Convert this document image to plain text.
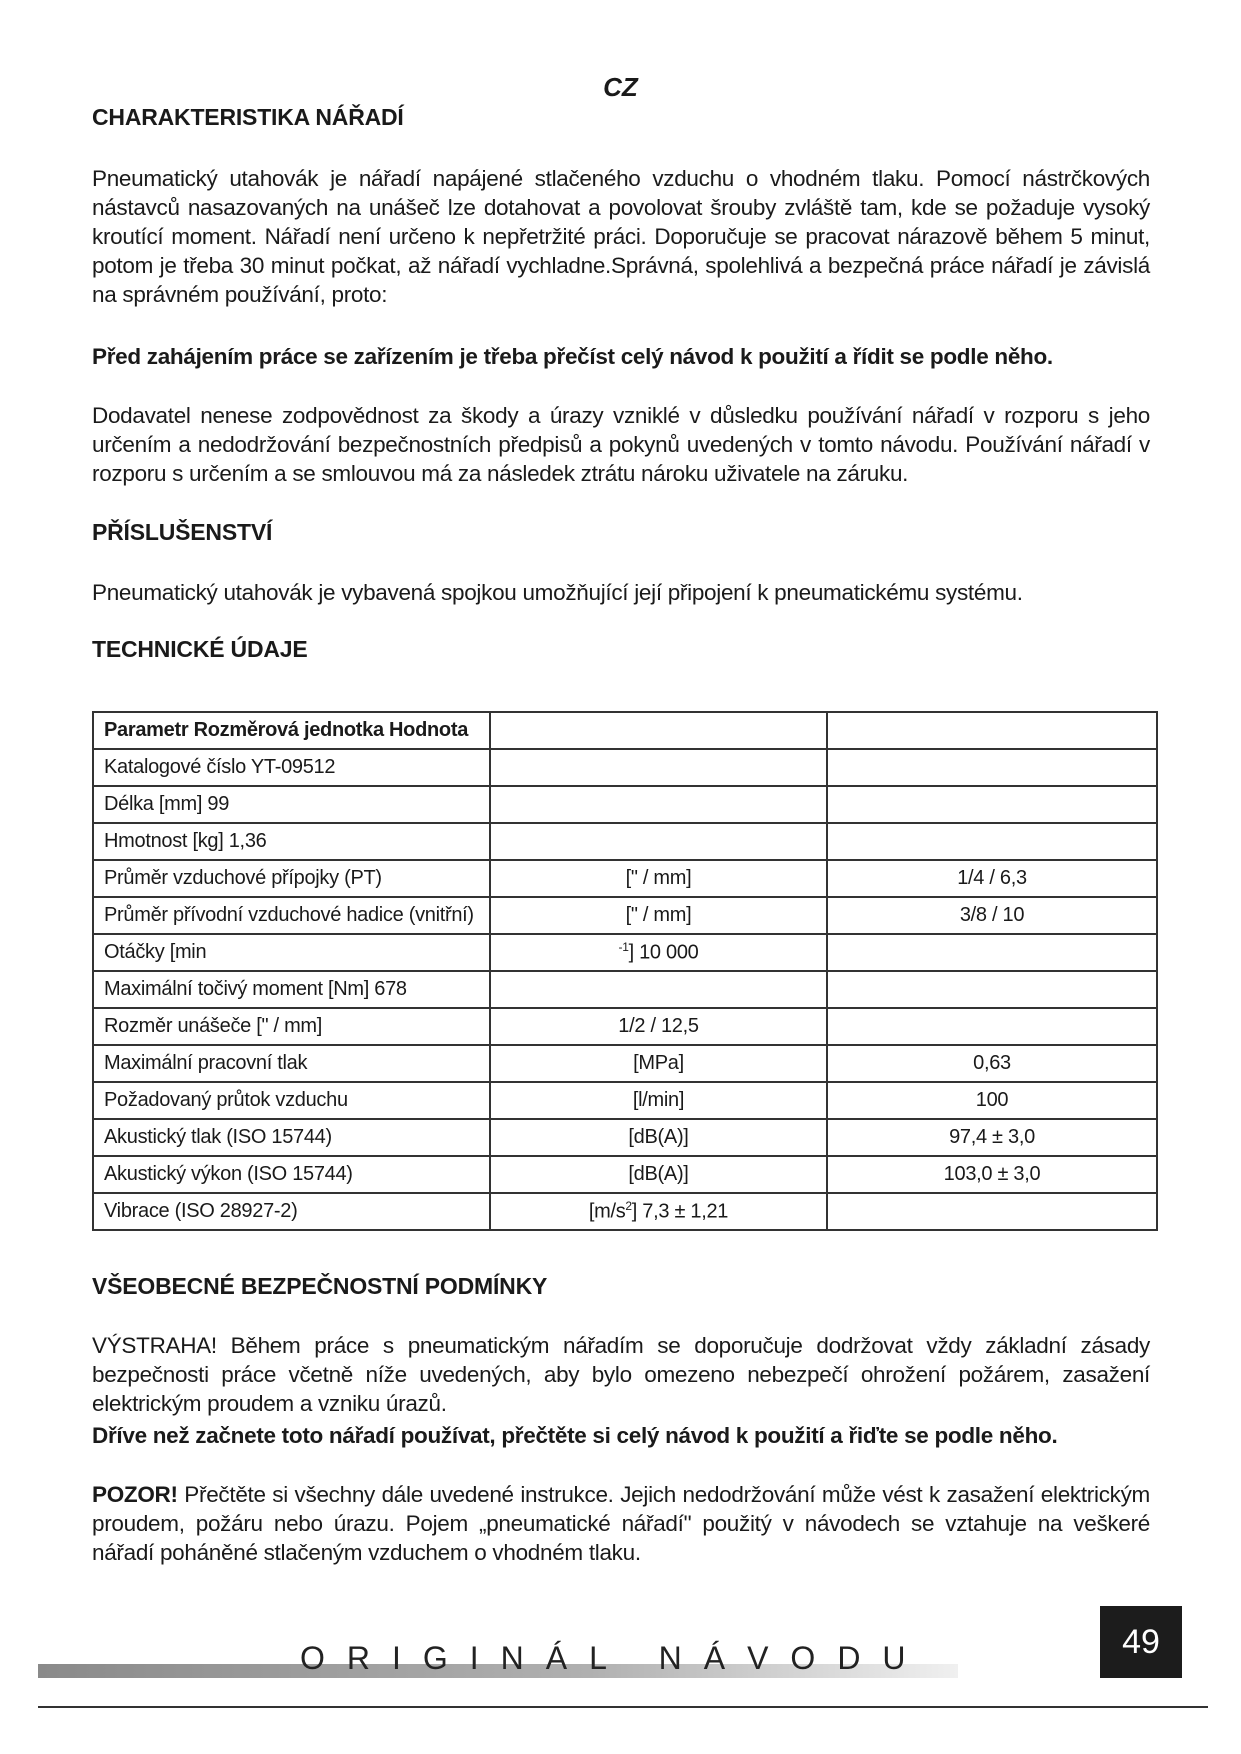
CZ
CHARAKTERISTIKA NÁŘADÍ
Pneumatický utahovák je nářadí napájené stlačeného vzduchu o vhodném tlaku. Pomocí nástrčkových nástavců nasazovaných na unášeč lze dotahovat a povolovat šrouby zvláště tam, kde se požaduje vysoký kroutící moment. Nářadí není určeno k nepřetržité práci. Doporučuje se pracovat nárazově během 5 minut, potom je třeba 30 minut počkat, až nářadí vychladne.Správná, spolehlivá a bezpečná práce nářadí je závislá na správném používání, proto:
Před zahájením práce se zařízením je třeba přečíst celý návod k použití a řídit se podle něho.
Dodavatel nenese zodpovědnost za škody a úrazy vzniklé v důsledku používání nářadí v rozporu s jeho určením a nedodržování bezpečnostních předpisů a pokynů uvedených v tomto návodu. Používání nářadí v rozporu s určením a se smlouvou má za následek ztrátu nároku uživatele na záruku.
PŘÍSLUŠENSTVÍ
Pneumatický utahovák je vybavená spojkou umožňující její připojení k pneumatickému systému.
TECHNICKÉ ÚDAJE
Parametr Rozměrová jednotka Hodnota		
Katalogové číslo YT-09512		
Délka [mm] 99		
Hmotnost [kg] 1,36		
Průměr vzduchové přípojky (PT)	[" / mm]	1/4 / 6,3
Průměr přívodní vzduchové hadice (vnitřní)	[" / mm]	3/8 / 10
Otáčky [min	$^{-1}$] 10 000	
Maximální točivý moment [Nm] 678		
Rozměr unášeče [" / mm]	1/2 / 12,5	
Maximální pracovní tlak	[MPa]	0,63
Požadovaný průtok vzduchu	[l/min]	100
Akustický tlak (ISO 15744)	[dB(A)]	97,4 ± 3,0
Akustický výkon (ISO 15744)	[dB(A)]	103,0 ± 3,0
Vibrace (ISO 28927-2)	$[m/s^2] 7,3 \pm 1,21$	
VŠEOBECNÉ BEZPEČNOSTNÍ PODMÍNKY
VÝSTRAHA! Během práce s pneumatickým nářadím se doporučuje dodržovat vždy základní zásady bezpečnosti práce včetně níže uvedených, aby bylo omezeno nebezpečí ohrožení požárem, zasažení elektrickým proudem a vzniku úrazů.
Dříve než začnete toto nářadí používat, přečtěte si celý návod k použití a řiďte se podle něho.
POZOR! Přečtěte si všechny dále uvedené instrukce. Jejich nedodržování může vést k zasažení elektrickým proudem, požáru nebo úrazu. Pojem „pneumatické nářadí" použitý v návodech se vztahuje na veškeré nářadí poháněné stlačeným vzduchem o vhodném tlaku.
ORIGINÁL NÁVODU	49
